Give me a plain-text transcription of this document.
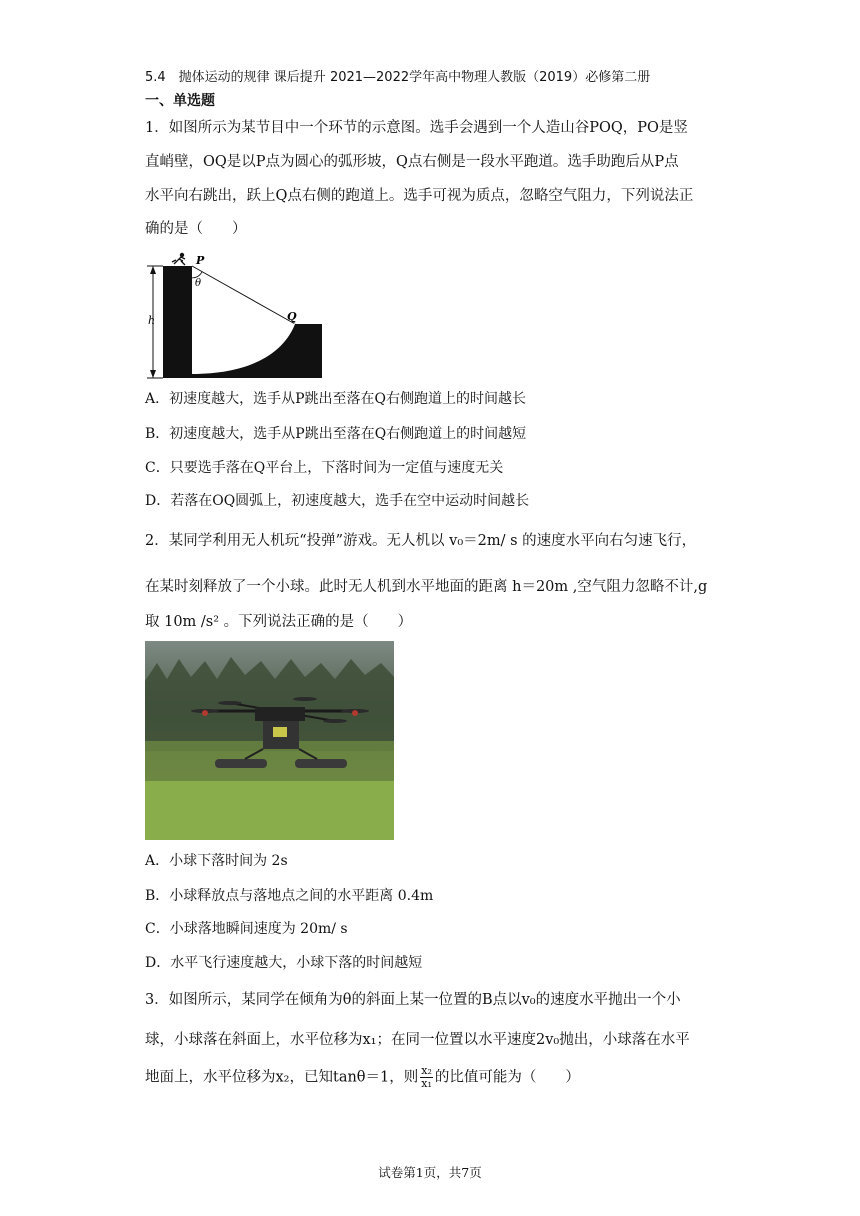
5.4　抛体运动的规律 课后提升 2021—2022学年高中物理人教版（2019）必修第二册
一、单选题
1．如图所示为某节目中一个环节的示意图。选手会遇到一个人造山谷POQ，PO是竖
直峭壁，OQ是以P点为圆心的弧形坡，Q点右侧是一段水平跑道。选手助跑后从P点
水平向右跳出，跃上Q点右侧的跑道上。选手可视为质点，忽略空气阻力，下列说法正
确的是（　　）
h
P
θ
Q
O
A．初速度越大，选手从P跳出至落在Q右侧跑道上的时间越长
B．初速度越大，选手从P跳出至落在Q右侧跑道上的时间越短
C．只要选手落在Q平台上，下落时间为一定值与速度无关
D．若落在OQ圆弧上，初速度越大，选手在空中运动时间越长
2．某同学利用无人机玩“投弹”游戏。无人机以 v₀＝2m/ s 的速度水平向右匀速飞行，
在某时刻释放了一个小球。此时无人机到水平地面的距离 h＝20m ,空气阻力忽略不计,g
取 10m /s² 。下列说法正确的是（　　）
A．小球下落时间为 2s
B．小球释放点与落地点之间的水平距离 0.4m
C．小球落地瞬间速度为 20m/ s
D．水平飞行速度越大，小球下落的时间越短
3．如图所示，某同学在倾角为θ的斜面上某一位置的B点以v₀的速度水平抛出一个小
球，小球落在斜面上，水平位移为x₁；在同一位置以水平速度2v₀抛出，小球落在水平
地面上，水平位移为x₂，已知tanθ＝1，则 $\frac{\text{x₂}}{\text{x₁}}$ 的比值可能为（　　）
试卷第1页，共7页
